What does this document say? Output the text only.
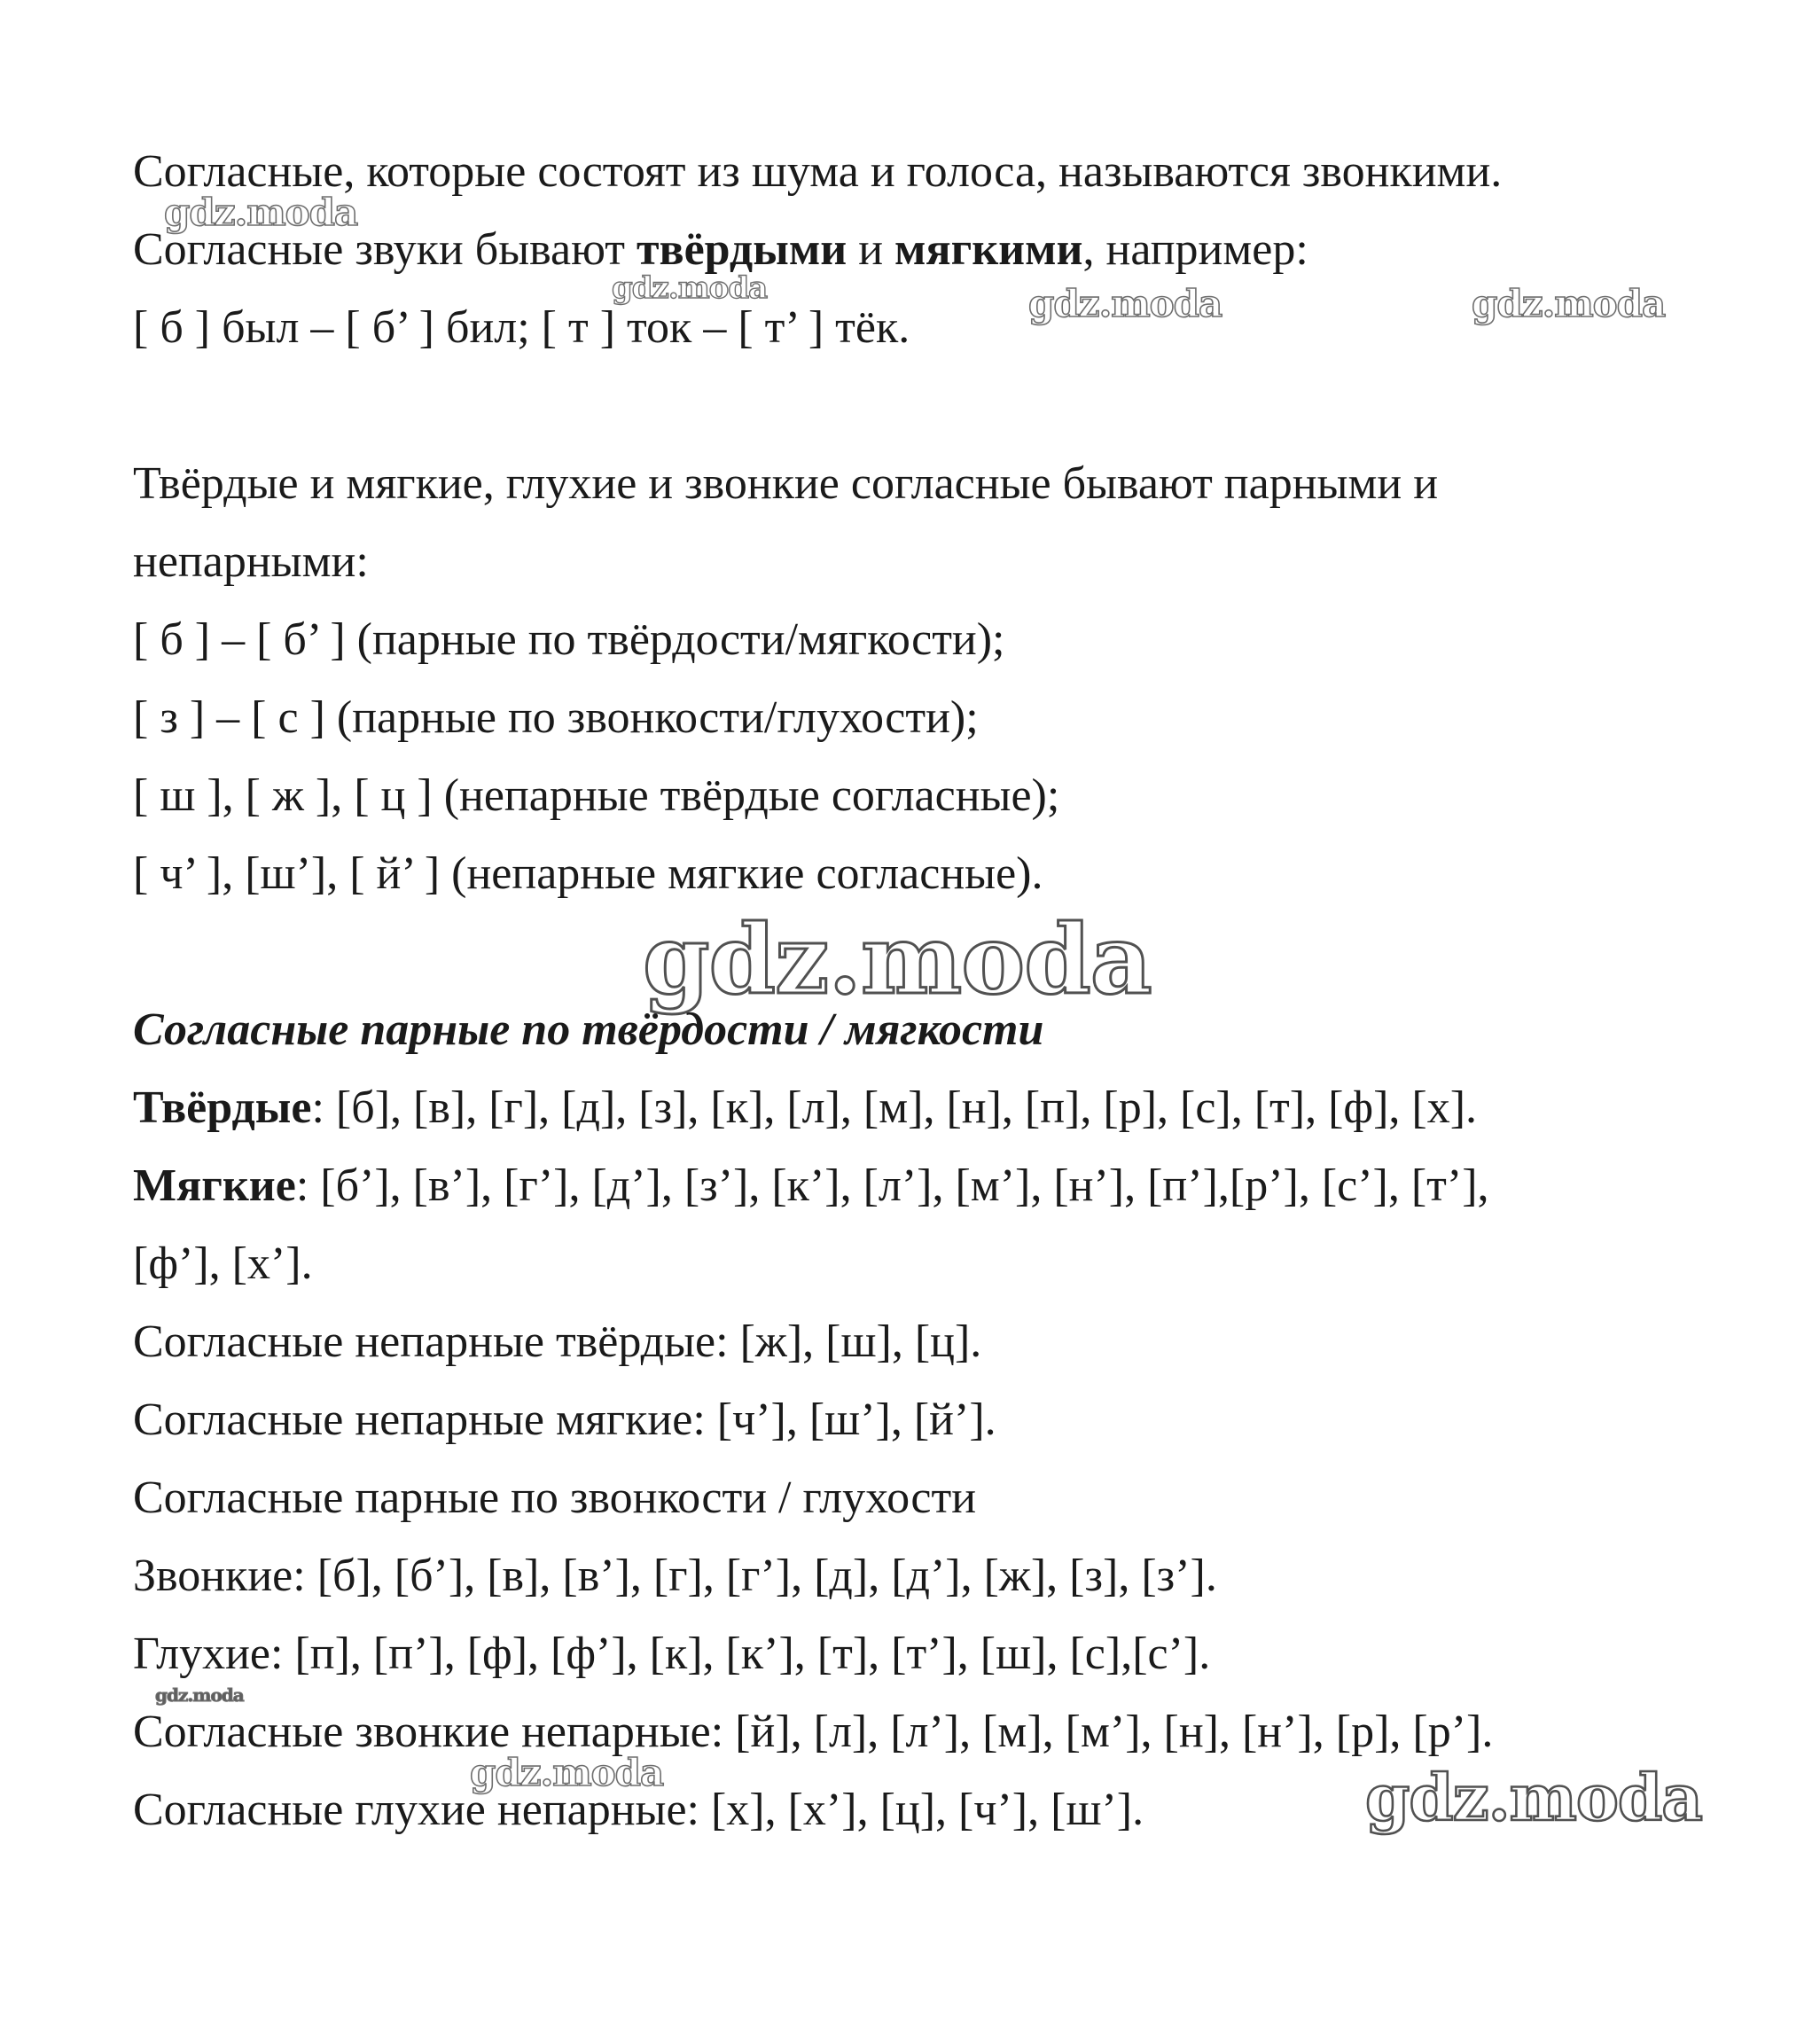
Согласные, которые состоят из шума и голоса, называются звонкими.
Согласные звуки бывают твёрдыми и мягкими, например:
[ б ] был – [ б’ ] бил; [ т ] ток – [ т’ ] тёк.
Твёрдые и мягкие, глухие и звонкие согласные бывают парными и
непарными:
[ б ] – [ б’ ] (парные по твёрдости/мягкости);
[ з ] – [ с ] (парные по звонкости/глухости);
[ ш ], [ ж ], [ ц ] (непарные твёрдые согласные);
[ ч’ ], [ш’], [ й’ ] (непарные мягкие согласные).
Согласные парные по твёрдости / мягкости
Твёрдые: [б], [в], [г], [д], [з], [к], [л], [м], [н], [п], [р], [с], [т], [ф], [х].
Мягкие: [б’], [в’], [г’], [д’], [з’], [к’], [л’], [м’], [н’], [п’],[р’], [с’], [т’],
[ф’], [х’].
Согласные непарные твёрдые: [ж], [ш], [ц].
Согласные непарные мягкие: [ч’], [ш’], [й’].
Согласные парные по звонкости / глухости
Звонкие: [б], [б’], [в], [в’], [г], [г’], [д], [д’], [ж], [з], [з’].
Глухие: [п], [п’], [ф], [ф’], [к], [к’], [т], [т’], [ш], [с],[с’].
Согласные звонкие непарные: [й], [л], [л’], [м], [м’], [н], [н’], [р], [р’].
Согласные глухие непарные: [х], [х’], [ц], [ч’], [ш’].
gdz.moda
gdz.moda	gdz.moda	gdz.moda
gdz.moda
gdz.moda
gdz.moda	gdz.moda
